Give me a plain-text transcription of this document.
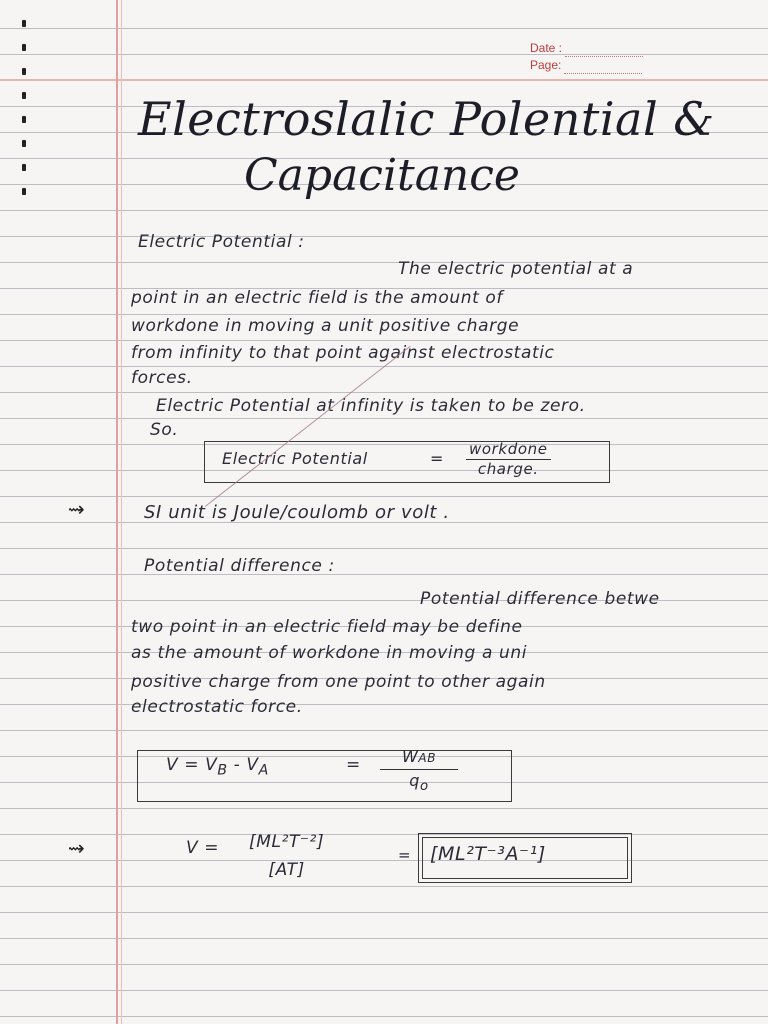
Date :
Page:
Electroslalic Polential &
Capacitance
Electric Potential :
The electric potential at a
point in an electric field is the amount of
workdone in moving a unit positive charge
from infinity to that point against electrostatic
forces.
Electric Potential at infinity is taken to be zero.
So.
Electric Potential	= $\frac{\text{workdone}}{\text{charge.}}$
⇝	SI unit is Joule/coulomb or volt .
Potential difference :
Potential difference betwe
two point in an electric field may be define
as the amount of workdone in moving a uni
positive charge from one point to other again
electrostatic force.
$V = V_B - V_A$	= $\frac{\text{WAB}}{q_o}$
⇝	V = [ML²T⁻²]
[AT]
= [ML²T⁻³A⁻¹]
